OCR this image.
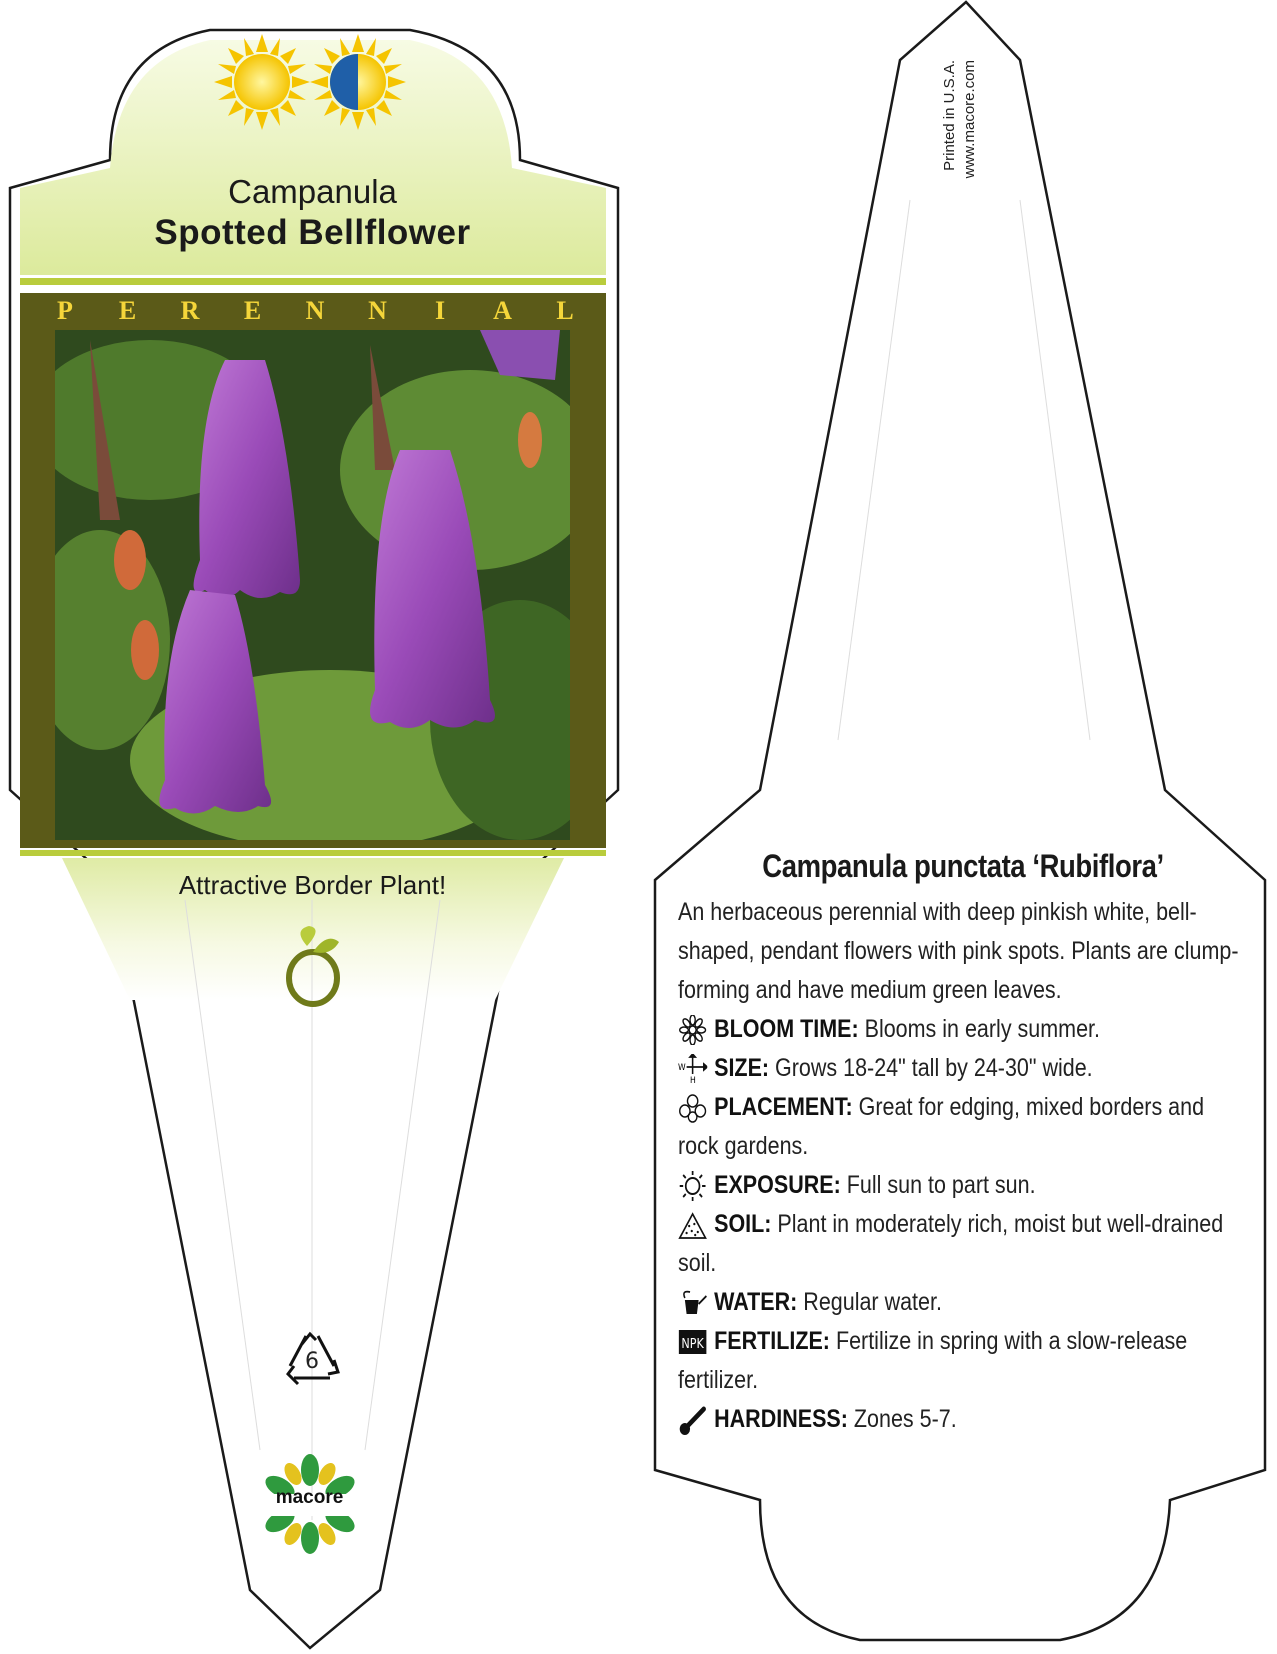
Campanula
Spotted Bellflower
P E R E N N I A L
Attractive Border Plant!
6
macore
Printed in U.S.A. www.macore.com
Campanula punctata ‘Rubiflora’
An herbaceous perennial with deep pinkish white, bell-shaped, pendant flowers with pink spots. Plants are clump-forming and have medium green leaves.
BLOOM TIME: Blooms in early summer.
W
H SIZE: Grows 18-24" tall by 24-30" wide.
PLACEMENT: Great for edging, mixed borders and rock gardens.
EXPOSURE: Full sun to part sun.
SOIL: Plant in moderately rich, moist but well-drained soil.
WATER: Regular water.
NPK FERTILIZE: Fertilize in spring with a slow-release fertilizer.
HARDINESS: Zones 5-7.
